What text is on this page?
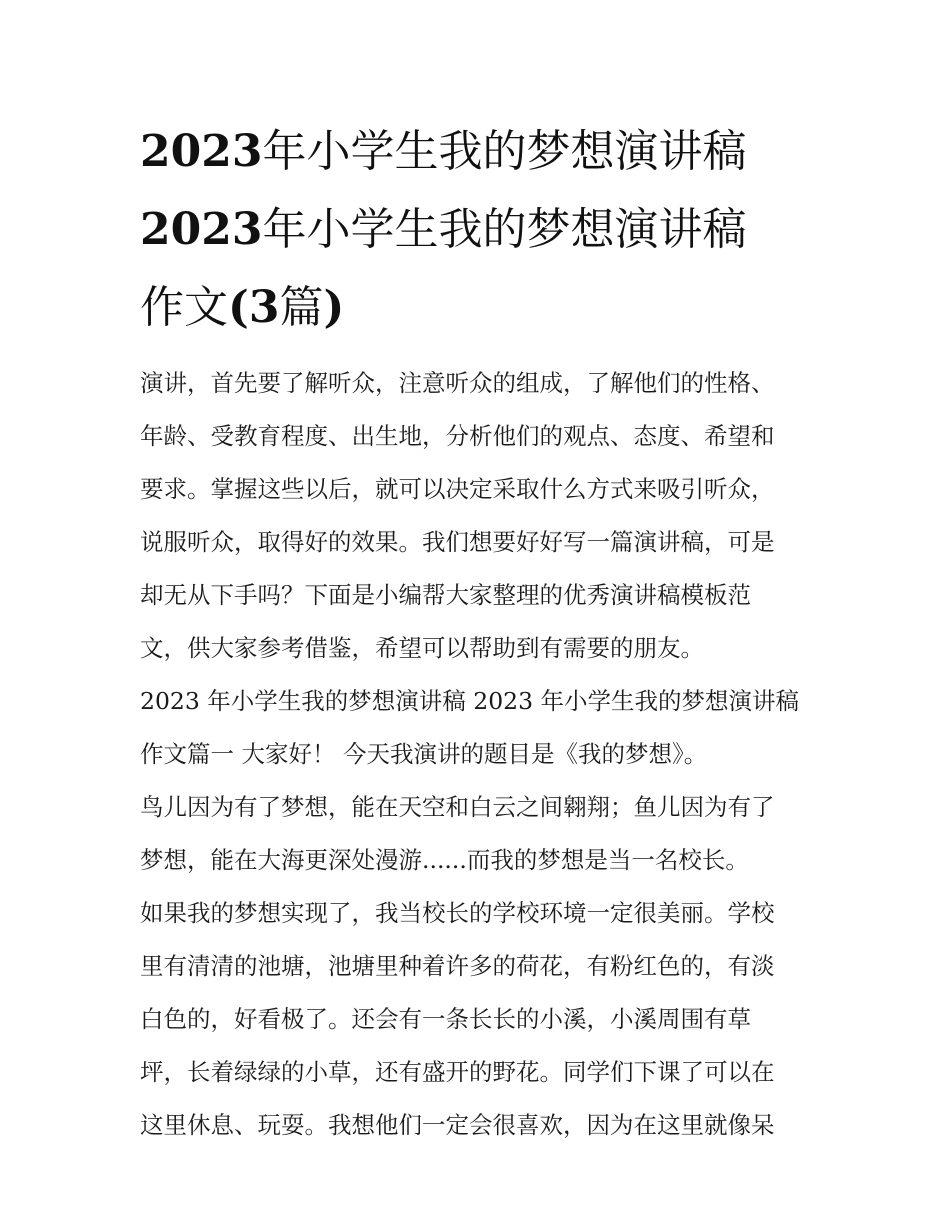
2023年小学生我的梦想演讲稿
2023年小学生我的梦想演讲稿
作文(3篇)

演讲，首先要了解听众，注意听众的组成，了解他们的性格、
年龄、受教育程度、出生地，分析他们的观点、态度、希望和
要求。掌握这些以后，就可以决定采取什么方式来吸引听众，
说服听众，取得好的效果。我们想要好好写一篇演讲稿，可是
却无从下手吗？下面是小编帮大家整理的优秀演讲稿模板范
文，供大家参考借鉴，希望可以帮助到有需要的朋友。

2023 年小学生我的梦想演讲稿 2023 年小学生我的梦想演讲稿
作文篇一 大家好！ 今天我演讲的题目是《我的梦想》。

鸟儿因为有了梦想，能在天空和白云之间翱翔；鱼儿因为有了
梦想，能在大海更深处漫游......而我的梦想是当一名校长。

如果我的梦想实现了，我当校长的学校环境一定很美丽。学校
里有清清的池塘，池塘里种着许多的荷花，有粉红色的，有淡
白色的，好看极了。还会有一条长长的小溪，小溪周围有草
坪，长着绿绿的小草，还有盛开的野花。同学们下课了可以在
这里休息、玩耍。我想他们一定会很喜欢，因为在这里就像呆
